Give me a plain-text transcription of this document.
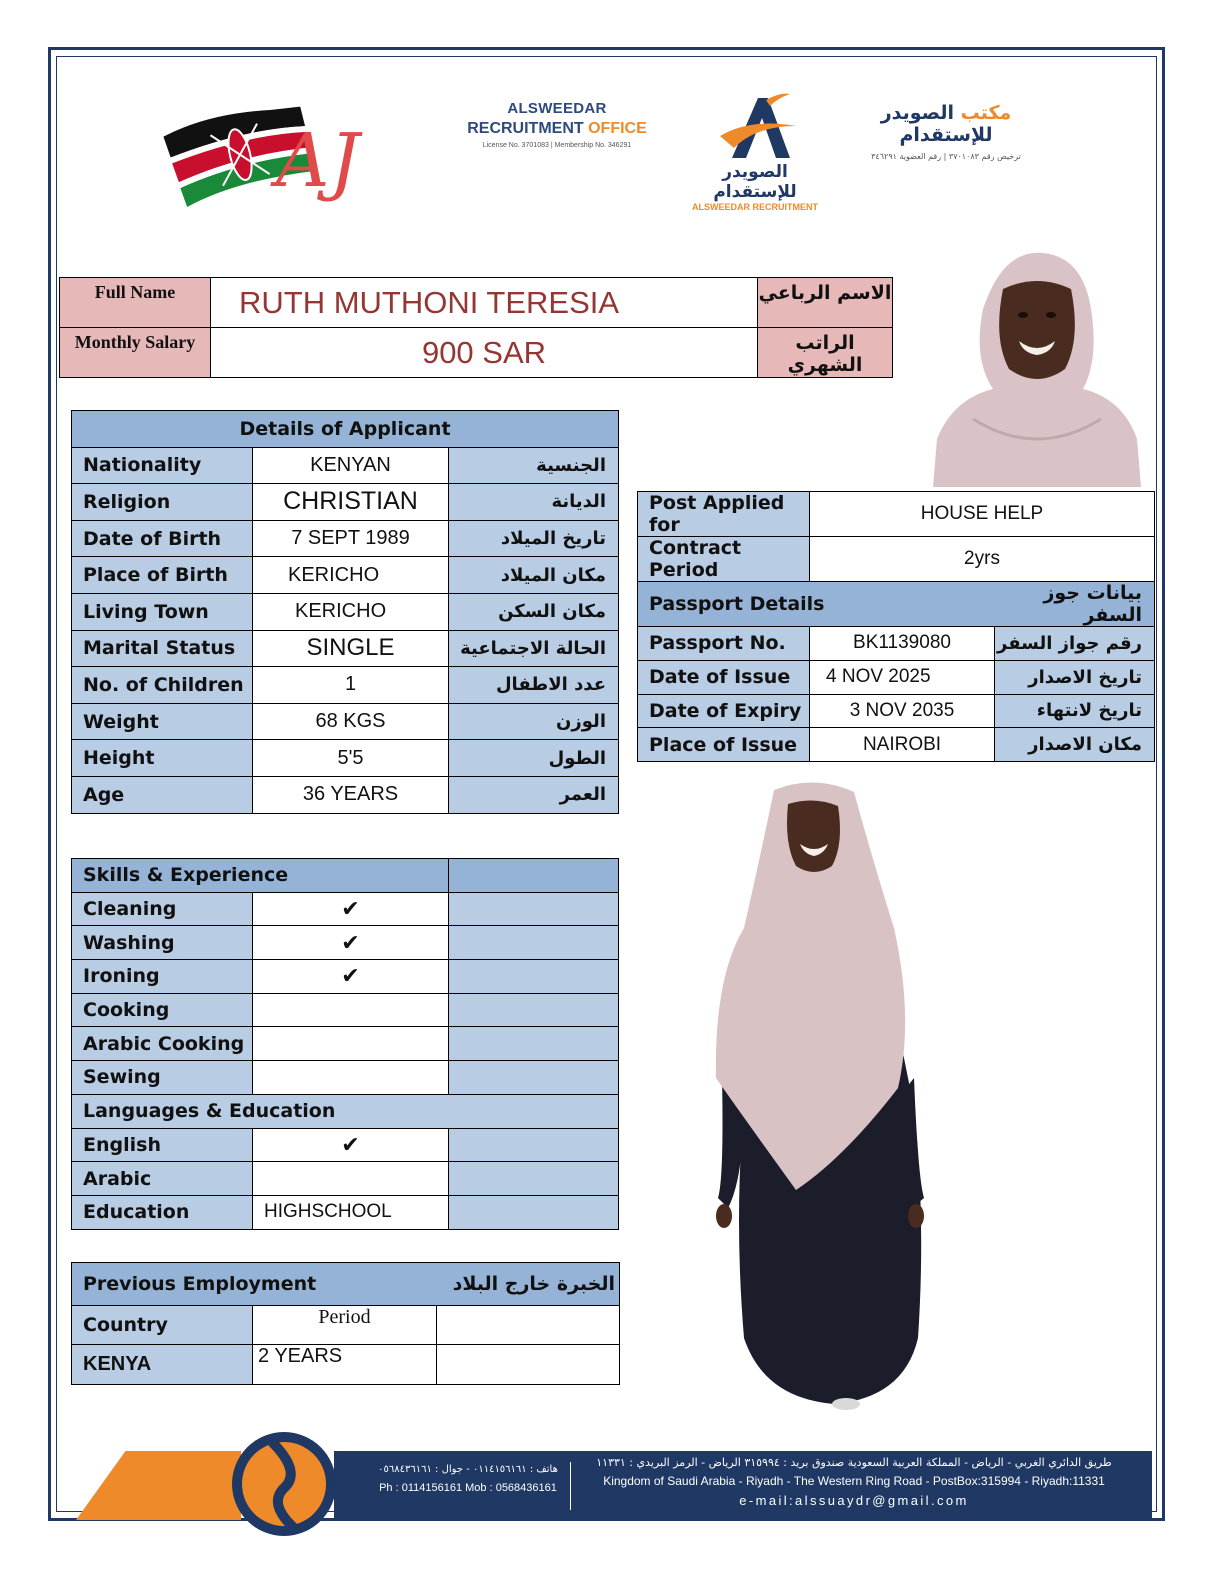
AJ
ALSWEEDAR
RECRUITMENT OFFICE
License No. 3701083 | Membership No. 346291
الصويدر للإستقدام
ALSWEEDAR RECRUITMENT
مكتب الصويدر للإستقدام
ترخيص رقم ٣٧٠١٠٨٣ | رقم العضوية ٣٤٦٢٩١
Full Name	RUTH MUTHONI TERESIA	الاسم الرباعي
Monthly Salary	900 SAR	الراتب الشهري
Details of Applicant		
Nationality	KENYAN	الجنسية
Religion	CHRISTIAN	الديانة
Date of Birth	7 SEPT 1989	تاريخ الميلاد
Place of Birth	KERICHO	مكان الميلاد
Living Town	KERICHO	مكان السكن
Marital Status	SINGLE	الحالة الاجتماعية
No. of Children	1	عدد الاطفال
Weight	68 KGS	الوزن
Height	5'5	الطول
Age	36 YEARS	العمر
Post Applied for	HOUSE HELP	
Contract Period	2yrs	
Passport Details		بيانات جوز السفر
Passport No.	BK1139080	رقم جواز السفر
Date of Issue	4 NOV 2025	تاريخ الاصدار
Date of Expiry	3 NOV 2035	تاريخ لانتهاء
Place of Issue	NAIROBI	مكان الاصدار
Skills & Experience		
Cleaning	✔	
Washing	✔	
Ironing	✔	
Cooking		
Arabic Cooking		
Sewing		
Languages & Education		
English	✔	
Arabic		
Education	HIGHSCHOOL	
Previous Employment		الخبرة خارج البلاد
Country	Period	
KENYA	2 YEARS	
هاتف : ٠١١٤١٥٦١٦١ - جوال : ٠٥٦٨٤٣٦١٦١
Ph : 0114156161 Mob : 0568436161
طريق الدائري الغربي - الرياض - المملكة العربية السعودية صندوق بريد : ٣١٥٩٩٤ الرياض - الرمز البريدي : ١١٣٣١
Kingdom of Saudi Arabia - Riyadh - The Western Ring Road - PostBox:315994 - Riyadh:11331
e-mail:alssuaydr@gmail.com
